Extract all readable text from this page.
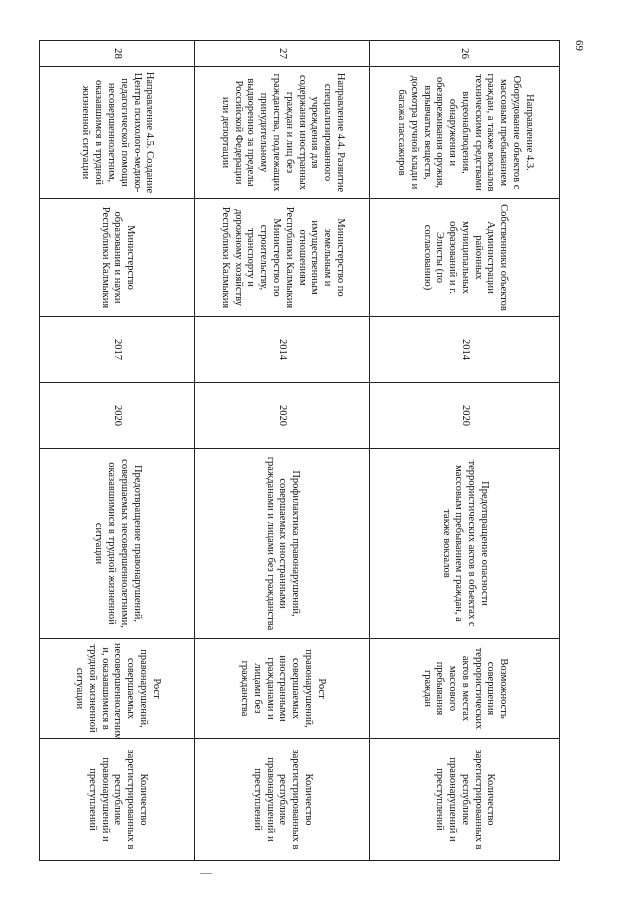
69
26	Направление 4.3. Оборудование объектов с массовым пребыванием граждан, а также вокзалов техническими средствами видеонаблюдения, обнаружения и обезвреживания оружия, взрывчатых веществ, досмотра ручной клади и багажа пассажиров	Собственники объектов Администрации районных муниципальных образований и г. Элисты (по согласованию)	2014	2020	Предотвращение опасности террористических актов в объектах с массовым пребыванием граждан, а также вокзалов	Возможность совершения террористических актов в местах массового пребывания граждан	Количество зарегистрированных в республике правонарушений и преступлений
27	Направление 4.4. Развитие специализированного учреждения для содержания иностранных граждан и лиц без гражданства, подлежащих принудительному выдворению за пределы Российской Федерации или депортации	Министерство по земельным и имущественным отношениям Республики Калмыкия Министерство по строительству, транспорту и дорожному хозяйству Республики Калмыкия	2014	2020	Профилактика правонарушений, совершаемых иностранными гражданами и лицами без гражданства	Рост правонарушений, совершаемых иностранными гражданами и лицами без гражданства	Количество зарегистрированных в республике правонарушений и преступлений
28	Направление 4.5. Создание Центра психолого-медико-педагогической помощи несовершеннолетним, оказавшимся в трудной жизненной ситуации	Министерство образования и науки Республики Калмыкия	2017	2020	Предотвращение правонарушений, совершаемых несовершеннолетними, оказавшимися в трудной жизненной ситуации	Рост правонарушений, совершаемых несовершеннолетним и, оказавшимися в трудной жизненной ситуации	Количество зарегистрированных в республике правонарушений и преступлений
